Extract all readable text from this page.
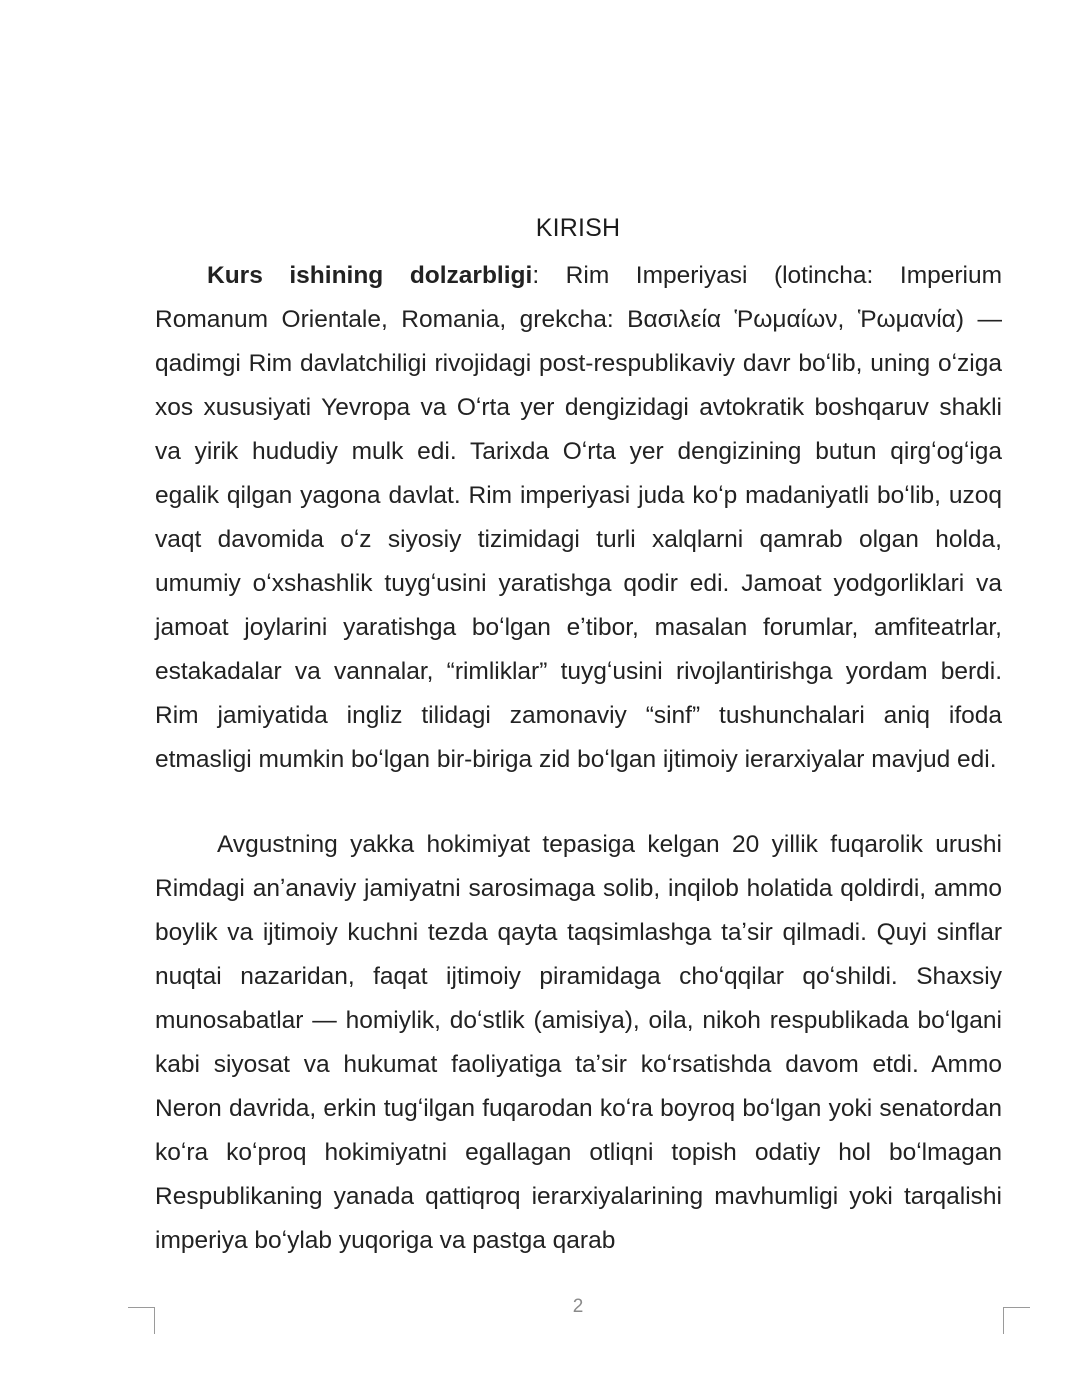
KIRISH

Kurs ishining dolzarbligi: Rim Imperiyasi (lotincha: Imperium Romanum Orientale, Romania, grekcha: Βασιλεία Ῥωμαίων, Ῥωμανία) — qadimgi Rim davlatchiligi rivojidagi post-respublikaviy davr boʻlib, uning oʻziga xos xususiyati Yevropa va Oʻrta yer dengizidagi avtokratik boshqaruv shakli va yirik hududiy mulk edi. Tarixda Oʻrta yer dengizining butun qirgʻogʻiga egalik qilgan yagona davlat. Rim imperiyasi juda koʻp madaniyatli boʻlib, uzoq vaqt davomida oʻz siyosiy tizimidagi turli xalqlarni qamrab olgan holda, umumiy oʻxshashlik tuygʻusini yaratishga qodir edi. Jamoat yodgorliklari va jamoat joylarini yaratishga boʻlgan eʼtibor, masalan forumlar, amfiteatrlar, estakadalar va vannalar, “rimliklar” tuygʻusini rivojlantirishga yordam berdi. Rim jamiyatida ingliz tilidagi zamonaviy “sinf” tushunchalari aniq ifoda etmasligi mumkin boʻlgan bir-biriga zid boʻlgan ijtimoiy ierarxiyalar mavjud edi.

Avgustning yakka hokimiyat tepasiga kelgan 20 yillik fuqarolik urushi Rimdagi anʼanaviy jamiyatni sarosimaga solib, inqilob holatida qoldirdi, ammo boylik va ijtimoiy kuchni tezda qayta taqsimlashga taʼsir qilmadi. Quyi sinflar nuqtai nazaridan, faqat ijtimoiy piramidaga choʻqqilar qoʻshildi. Shaxsiy munosabatlar — homiylik, doʻstlik (amisiya), oila, nikoh respublikada boʻlgani kabi siyosat va hukumat faoliyatiga taʼsir koʻrsatishda davom etdi. Ammo Neron davrida, erkin tugʻilgan fuqarodan koʻra boyroq boʻlgan yoki senatordan koʻra koʻproq hokimiyatni egallagan otliqni topish odatiy hol boʻlmagan Respublikaning yanada qattiqroq ierarxiyalarining mavhumligi yoki tarqalishi imperiya boʻylab yuqoriga va pastga qarab

2
